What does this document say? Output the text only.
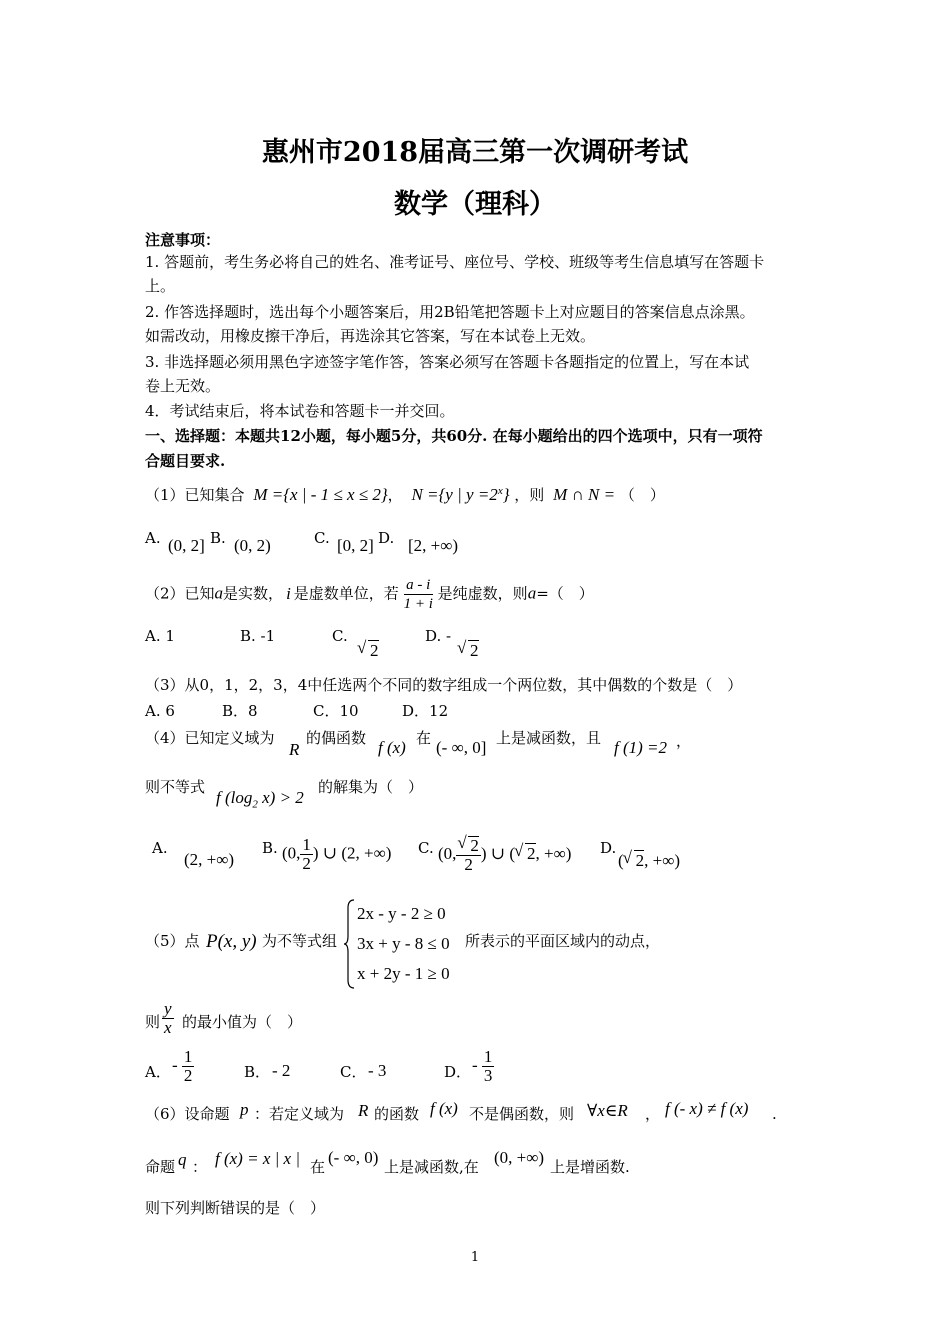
惠州市2018届高三第一次调研考试
数学（理科）
注意事项：
1. 答题前，考生务必将自己的姓名、准考证号、座位号、学校、班级等考生信息填写在答题卡
上。
2. 作答选择题时，选出每个小题答案后，用2B铅笔把答题卡上对应题目的答案信息点涂黑。
如需改动，用橡皮擦干净后，再选涂其它答案，写在本试卷上无效。
3. 非选择题必须用黑色字迹签字笔作答，答案必须写在答题卡各题指定的位置上，写在本试
卷上无效。
4．考试结束后，将本试卷和答题卡一并交回。
一、选择题：本题共12小题，每小题5分，共60分. 在每小题给出的四个选项中，只有一项符
合题目要求.
（1）已知集合 M ={x | - 1 ≤ x ≤ 2}， N ={y | $y =2^x$} ，则 M ∩ N = （　）
A. (0, 2] B. (0, 2)	C. [0, 2] D. [2, +∞)
（2）已知a是实数， i 是虚数单位，若 $\frac{a - i}{1 + i}$ 是纯虚数，则a=（　）
A. 1	B. -1	C.
√ 2
D. -
√ 2
（3）从0，1，2，3，4中任选两个不同的数字组成一个两位数，其中偶数的个数是（　）
A. 6	B．8	C．10	D．12
（4）已知定义域为
R
的偶函数 f (x) 在 (- ∞, 0] 上是减函数，且 f (1) =2 ，
则不等式
f ($\log_2$ x) > 2
的解集为（　）
A.
(2, +∞)
B. (0, $\frac{1}{2}$ ) ∪ (2, +∞) C. (0, √ $\frac{2}{2}$ ) ∪ ( √ 2, +∞) D.
( √ 2, +∞)
（5）点 P(x, y) 为不等式组
2x - y - 2 ≥ 0
3x + y - 8 ≤ 0
x + 2y - 1 ≥ 0
所表示的平面区域内的动点，
则 $\frac{y}{x}$ 的最小值为（　）
A． - $\frac{1}{2}$	B． - 2	C． - 3	D． - $\frac{1}{3}$
（6）设命题 p ：若定义域为 R 的函数 f (x) 不是偶函数，则 ∀x∈R ， f (- x) ≠ f (x) .
命题 q ： f (x) = x | x | 在 (- ∞, 0) 上是减函数,在 (0, +∞) 上是增函数.
则下列判断错误的是（　）
1
